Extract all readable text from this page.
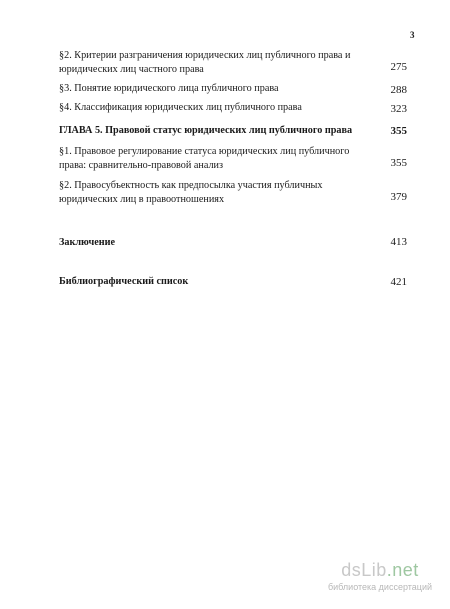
3
§2. Критерии разграничения юридических лиц публичного права и юридических лиц частного права	275
§3. Понятие юридического лица публичного права	288
§4. Классификация юридических лиц публичного права	323
ГЛАВА 5. Правовой статус юридических лиц публичного права	355
§1. Правовое регулирование статуса юридических лиц публичного права: сравнительно-правовой анализ	355
§2. Правосубъектность как предпосылка участия публичных юридических лиц в правоотношениях	379
Заключение	413
Библиографический список	421
dsLib.net
библиотека диссертаций
